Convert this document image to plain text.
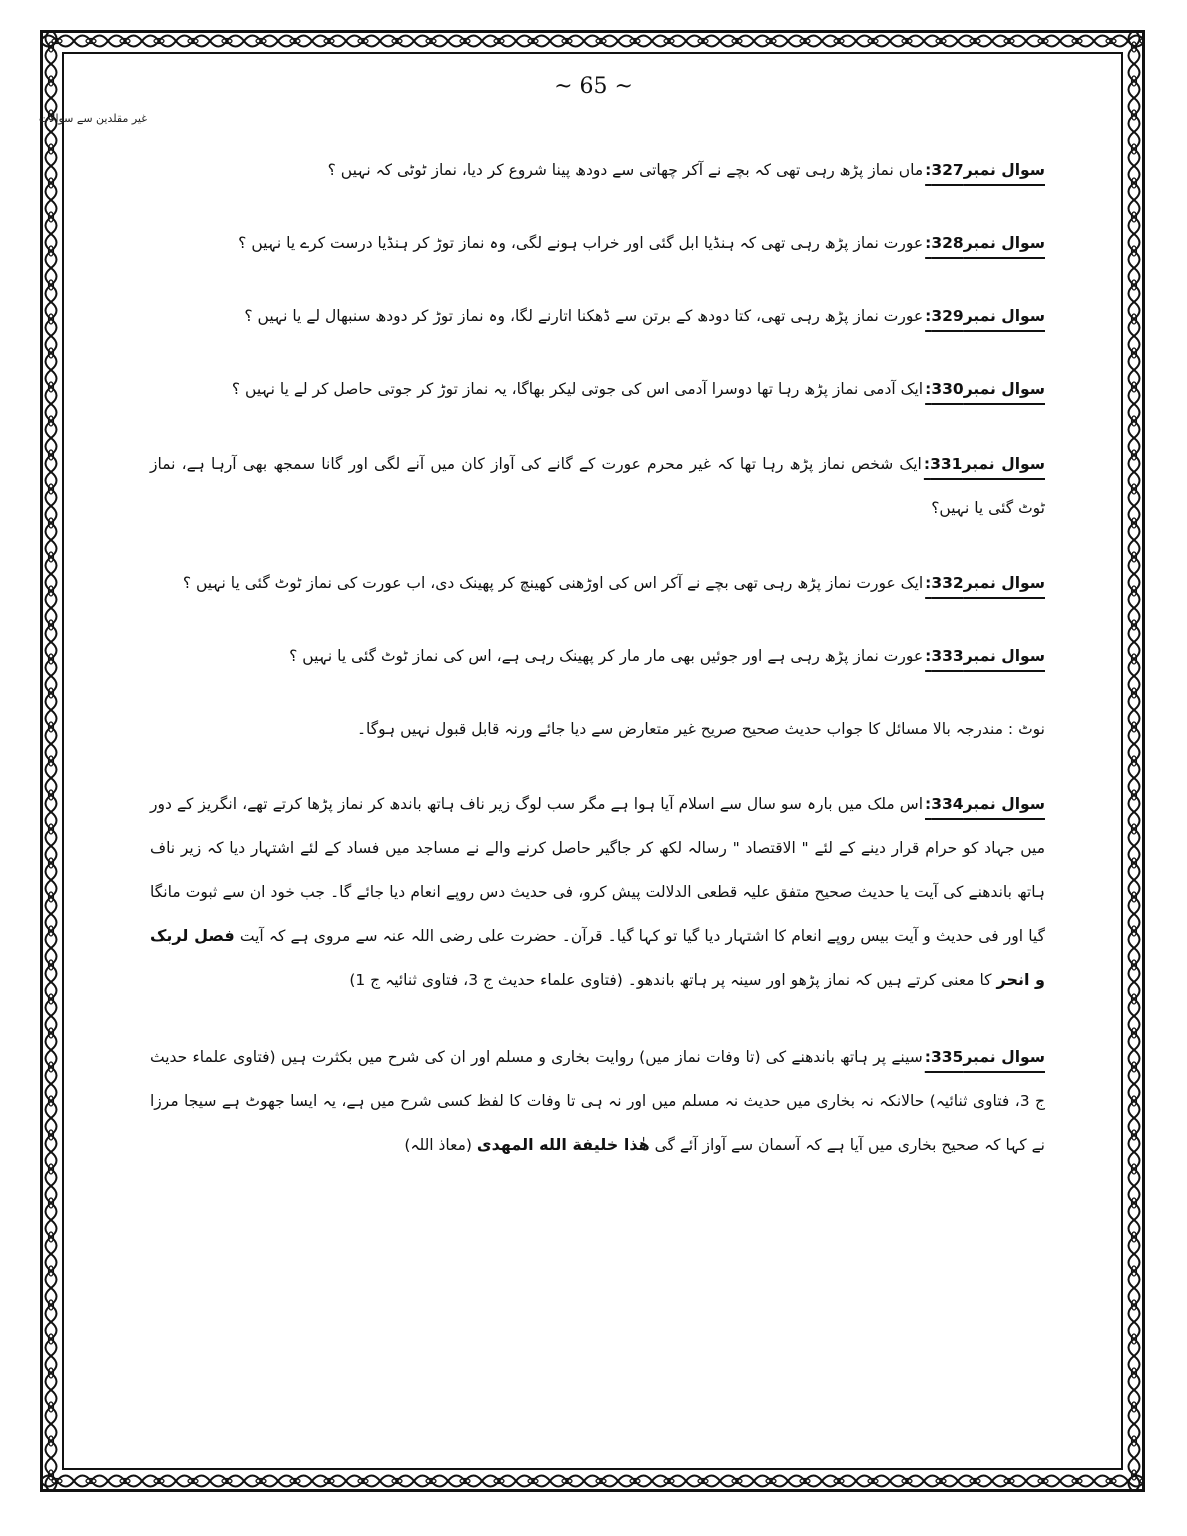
~ 65 ~
غیر مقلدین سے سوالات

سوال نمبر327:ماں نماز پڑھ رہی تھی کہ بچے نے آکر چھاتی سے دودھ پینا شروع کر دیا، نماز ٹوٹی کہ نہیں ؟

سوال نمبر328:عورت نماز پڑھ رہی تھی کہ ہنڈیا ابل گئی اور خراب ہونے لگی، وہ نماز توڑ کر ہنڈیا درست کرے یا نہیں ؟

سوال نمبر329:عورت نماز پڑھ رہی تھی، کتا دودھ کے برتن سے ڈھکنا اتارنے لگا، وہ نماز توڑ کر دودھ سنبھال لے یا نہیں ؟

سوال نمبر330:ایک آدمی نماز پڑھ رہا تھا دوسرا آدمی اس کی جوتی لیکر بھاگا، یہ نماز توڑ کر جوتی حاصل کر لے یا نہیں ؟

سوال نمبر331:ایک شخص نماز پڑھ رہا تھا کہ غیر محرم عورت کے گانے کی آواز کان میں آنے لگی اور گانا سمجھ بھی آرہا ہے، نماز ٹوٹ گئی یا نہیں؟

سوال نمبر332:ایک عورت نماز پڑھ رہی تھی بچے نے آکر اس کی اوڑھنی کھینچ کر پھینک دی، اب عورت کی نماز ٹوٹ گئی یا نہیں ؟

سوال نمبر333:عورت نماز پڑھ رہی ہے اور جوئیں بھی مار مار کر پھینک رہی ہے، اس کی نماز ٹوٹ گئی یا نہیں ؟

نوٹ : مندرجہ بالا مسائل کا جواب حدیث صحیح صریح غیر متعارض سے دیا جائے ورنہ قابل قبول نہیں ہوگا۔

سوال نمبر334:اس ملک میں بارہ سو سال سے اسلام آیا ہوا ہے مگر سب لوگ زیر ناف ہاتھ باندھ کر نماز پڑھا کرتے تھے، انگریز کے دور میں جہاد کو حرام قرار دینے کے لئے " الاقتصاد " رسالہ لکھ کر جاگیر حاصل کرنے والے نے مساجد میں فساد کے لئے اشتہار دیا کہ زیر ناف ہاتھ باندھنے کی آیت یا حدیث صحیح متفق علیہ قطعی الدلالت پیش کرو، فی حدیث دس روپے انعام دیا جائے گا۔ جب خود ان سے ثبوت مانگا گیا اور فی حدیث و آیت بیس روپے انعام کا اشتہار دیا گیا تو کہا گیا۔ قرآن۔ حضرت علی رضی اللہ عنہ سے مروی ہے کہ آیت فصل لربک و انحر کا معنی کرتے ہیں کہ نماز پڑھو اور سینہ پر ہاتھ باندھو۔ (فتاوی علماء حدیث ج 3، فتاوی ثنائیہ ج 1)

سوال نمبر335:سینے پر ہاتھ باندھنے کی (تا وفات نماز میں) روایت بخاری و مسلم اور ان کی شرح میں بکثرت ہیں (فتاوی علماء حدیث ج 3، فتاوی ثنائیہ) حالانکہ نہ بخاری میں حدیث نہ مسلم میں اور نہ ہی تا وفات کا لفظ کسی شرح میں ہے، یہ ایسا جھوٹ ہے سیجا مرزا نے کہا کہ صحیح بخاری میں آیا ہے کہ آسمان سے آواز آئے گی هٰذا خلیفة الله المهدی (معاذ اللہ)
